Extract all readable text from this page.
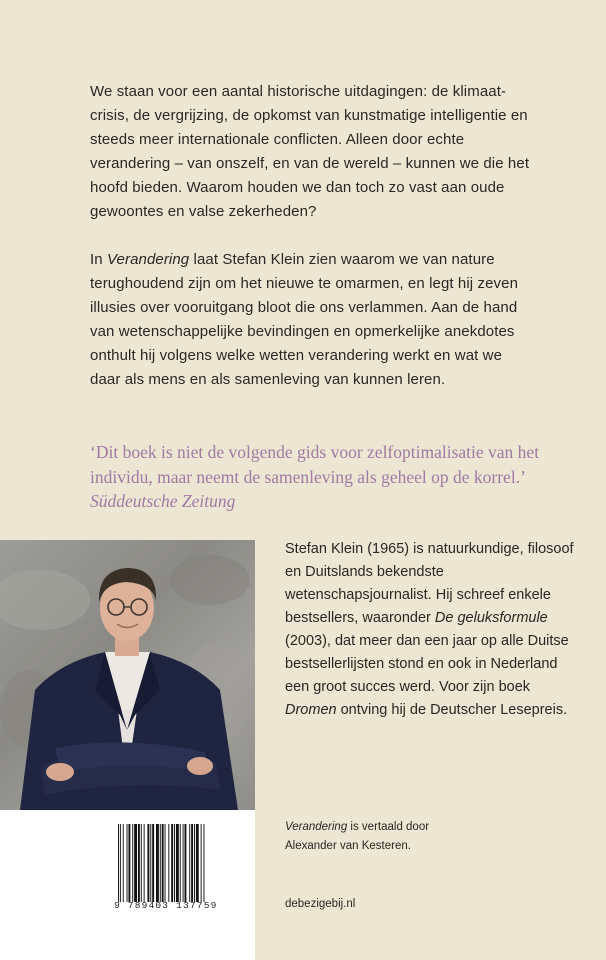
We staan voor een aantal historische uitdagingen: de klimaat-crisis, de vergrijzing, de opkomst van kunstmatige intelligentie en steeds meer internationale conflicten. Alleen door echte verandering – van onszelf, en van de wereld – kunnen we die het hoofd bieden. Waarom houden we dan toch zo vast aan oude gewoontes en valse zekerheden?

In Verandering laat Stefan Klein zien waarom we van nature terughoudend zijn om het nieuwe te omarmen, en legt hij zeven illusies over vooruitgang bloot die ons verlammen. Aan de hand van wetenschappelijke bevindingen en opmerkelijke anekdotes onthult hij volgens welke wetten verandering werkt en wat we daar als mens en als samenleving van kunnen leren.

‘Dit boek is niet de volgende gids voor zelfoptimalisatie van het individu, maar neemt de samenleving als geheel op de korrel.’ Süddeutsche Zeitung

Stefan Klein (1965) is natuurkundige, filosoof en Duitslands bekendste wetenschapsjournalist. Hij schreef enkele bestsellers, waaronder De geluksformule (2003), dat meer dan een jaar op alle Duitse bestsellerlijsten stond en ook in Nederland een groot succes werd. Voor zijn boek Dromen ontving hij de Deutscher Lesepreis.

9 789403 137759
Verandering is vertaald door
Alexander van Kesteren.
debezigebij.nl
